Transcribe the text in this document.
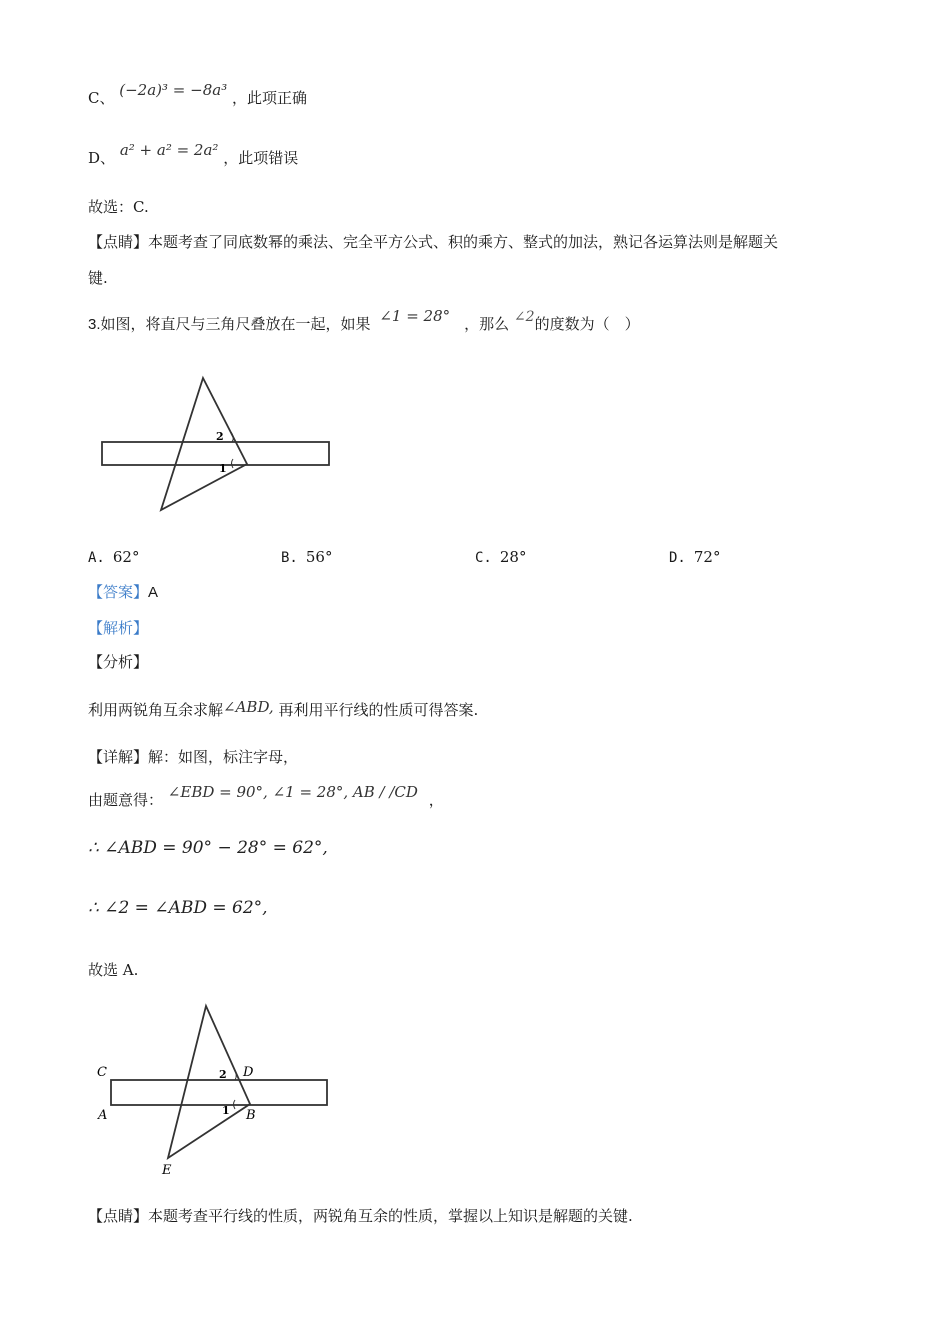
C、 (−2a)³ = −8a³ ，此项正确
D、 a² + a² = 2a² ，此项错误
故选：C.
【点睛】本题考查了同底数幂的乘法、完全平方公式、积的乘方、整式的加法，熟记各运算法则是解题关
键.
3.如图，将直尺与三角尺叠放在一起，如果 ∠1 = 28° ，那么 ∠2的度数为（　）
2
1
A. 62°	B. 56°	C. 28°	D. 72°
【答案】A
【解析】
【分析】
利用两锐角互余求解∠ABD, 再利用平行线的性质可得答案.
【详解】解：如图，标注字母，
由题意得： ∠EBD = 90°, ∠1 = 28°, AB / /CD ，
∴ ∠ABD = 90° − 28° = 62°,
∴ ∠2 = ∠ABD = 62°,
故选 A.
2
1
C
A
D
B
E
【点睛】本题考查平行线的性质，两锐角互余的性质，掌握以上知识是解题的关键.
